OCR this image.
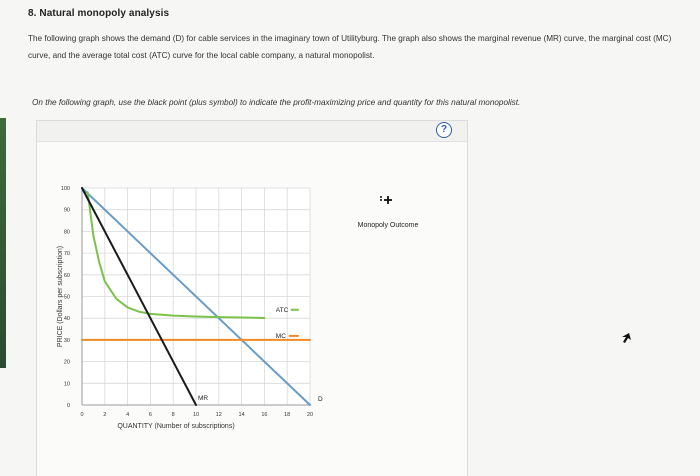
8. Natural monopoly analysis
The following graph shows the demand (D) for cable services in the imaginary town of Utilityburg. The graph also shows the marginal revenue (MR) curve, the marginal cost (MC) curve, and the average total cost (ATC) curve for the local cable company, a natural monopolist.
On the following graph, use the black point (plus symbol) to indicate the profit-maximizing price and quantity for this natural monopolist.
?
0
10
20
30
40
50
60
70
80
90
100
0	2	4	6	8	10	12	14	16	18	20
QUANTITY (Number of subscriptions)
PRICE (Dollars per subscription)
D
MR
ATC
MC
Monopoly Outcome
